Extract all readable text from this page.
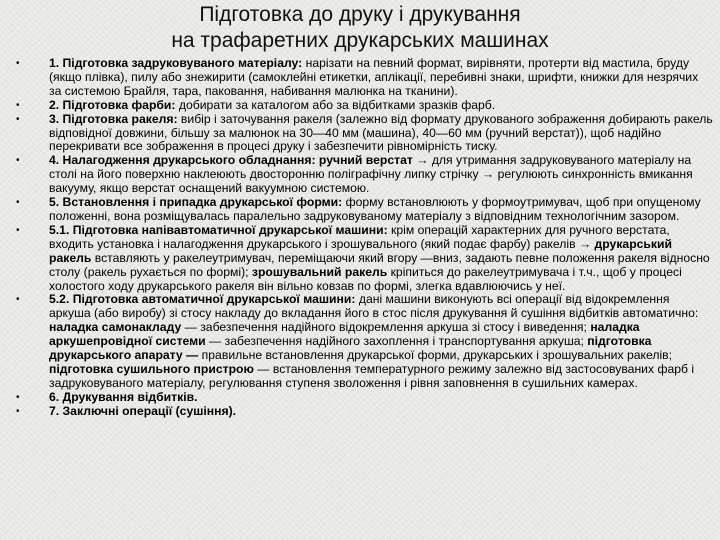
Підготовка до друку і друкування
на трафаретних друкарських машинах
• 1. Підготовка задруковуваного матеріалу: нарізати на певний формат, вирівняти, протерти від мастила, бруду (якщо плівка), пилу або знежирити (самоклейні етикетки, аплікації, перебивні знаки, шрифти, книжки для незрячих за системою Брайля, тара, паковання, набивання малюнка на тканини).
• 2. Підготовка фарби: добирати за каталогом або за відбитками зразків фарб.
• 3. Підготовка ракеля: вибір і заточування ракеля (залежно від формату друкованого зображення добирають ракель відповідної довжини, більшу за малюнок на 30—40 мм (машина), 40—60 мм (ручний верстат)), щоб надійно перекривати все зображення в процесі друку і забезпечити рівномірність тиску.
• 4. Налагодження друкарського обладнання: ручний верстат → для утримання задруковуваного матеріалу на столі на його поверхню наклеюють двосторонню поліграфічну липку стрічку → регулюють синхронність вмикання вакууму, якщо верстат оснащений вакуумною системою.
• 5. Встановлення і припадка друкарської форми: форму встановлюють у формоутримувач, щоб при опущеному положенні, вона розміщувалась паралельно задруковуваному матеріалу з відповідним технологічним зазором.
• 5.1. Підготовка напівавтоматичної друкарської машини: крім операцій характерних для ручного верстата, входить установка і налагодження друкарського і зрошувального (який подає фарбу) ракелів → друкарський ракель вставляють у ракелеутримувач, переміщаючи який вгору —вниз, задають певне положення ракеля відносно столу (ракель рухається по формі); зрошувальний ракель кріпиться до ракелеутримувача і т.ч., щоб у процесі холостого ходу друкарського ракеля він вільно ковзав по формі, злегка вдавлюючись у неї.
• 5.2. Підготовка автоматичної друкарської машини: дані машини виконують всі операції від відокремлення аркуша (або виробу) зі стосу накладу до вкладання його в стос після друкування й сушіння відбитків автоматично: наладка самонакладу — забезпечення надійного відокремлення аркуша зі стосу і виведення; наладка аркушепровідної системи — забезпечення надійного захоплення і транспортування аркуша; підготовка друкарського апарату — правильне встановлення друкарської форми, друкарських і зрошувальних ракелів; підготовка сушильного пристрою — встановлення температурного режиму залежно від застосовуваних фарб і задруковуваного матеріалу, регулювання ступеня зволоження і рівня заповнення в сушильних камерах.
• 6. Друкування відбитків.
• 7. Заключні операції (сушіння).
